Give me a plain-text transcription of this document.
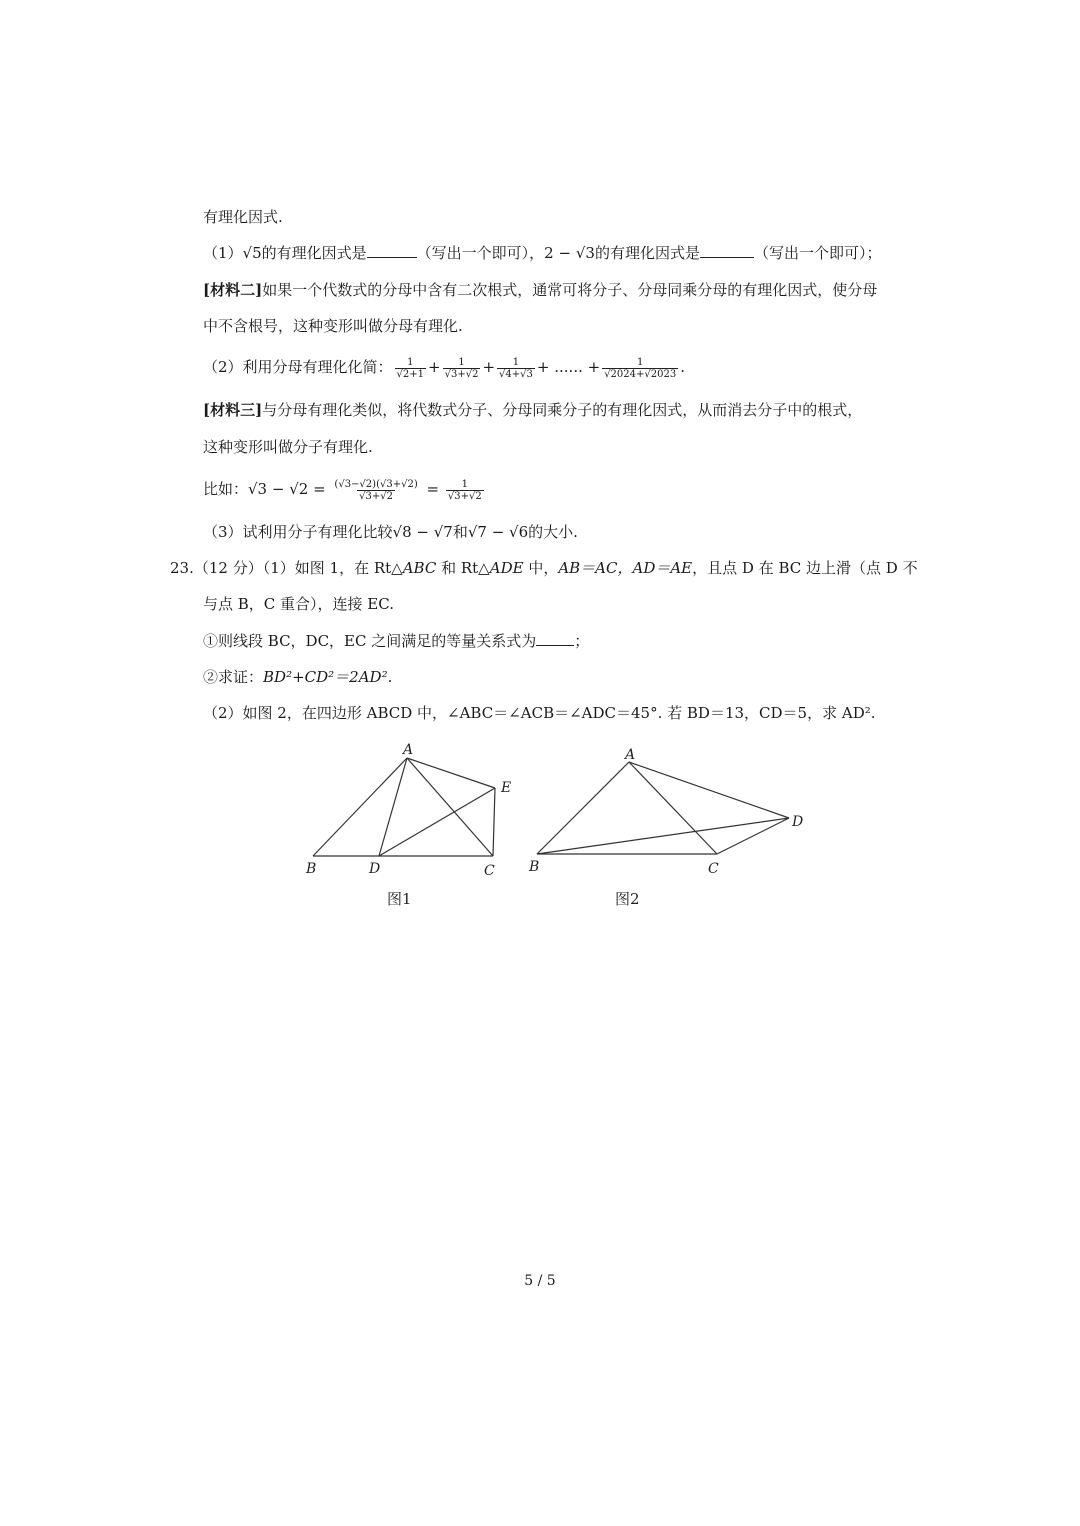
有理化因式.
（1）√5的有理化因式是	（写出一个即可），2 − √3的有理化因式是	（写出一个即可）；
[材料二]如果一个代数式的分母中含有二次根式，通常可将分子、分母同乘分母的有理化因式，使分母
中不含根号，这种变形叫做分母有理化.
（2）利用分母有理化化简： $\frac{1}{√2+1} + \frac{1}{√3+√2} + \frac{1}{√4+√3}$ + ...... + $\frac{1}{√2024+√2023}$ .
[材料三]与分母有理化类似，将代数式分子、分母同乘分子的有理化因式，从而消去分子中的根式，
这种变形叫做分子有理化.
比如：$√3 - √2 = \frac{(√3-√2)(√3+√2)}{√3+√2} = \frac{1}{√3+√2}$
（3）试利用分子有理化比较√8 − √7和√7 − √6的大小.
23.（12 分）（1）如图 1，在 Rt△ABC 和 Rt△ADE 中，AB＝AC，AD＝AE，且点 D 在 BC 边上滑（点 D 不
与点 B，C 重合），连接 EC.
①则线段 BC，DC，EC 之间满足的等量关系式为	；
②求证：BD²+CD²＝2AD².
（2）如图 2，在四边形 ABCD 中，∠ABC＝∠ACB＝∠ADC＝45°. 若 BD＝13，CD＝5，求 AD².
A
B	D	C
E
图1
A
B	C
D
图2
5 / 5
